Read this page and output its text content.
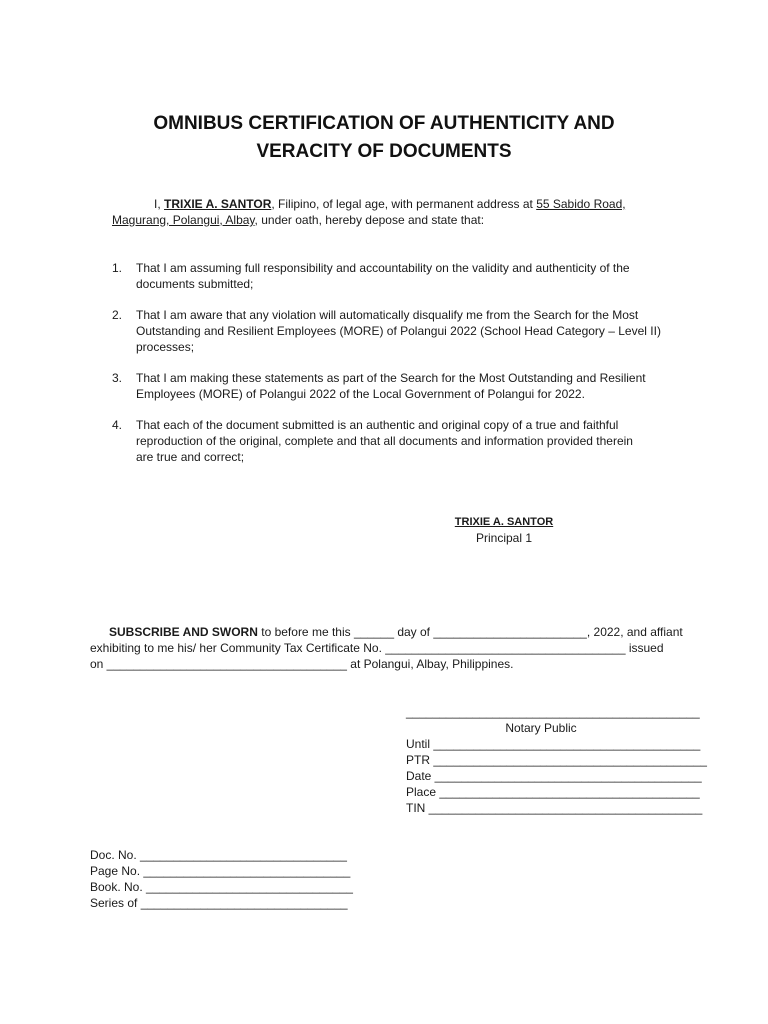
OMNIBUS CERTIFICATION OF AUTHENTICITY AND
VERACITY OF DOCUMENTS
I, TRIXIE A. SANTOR, Filipino, of legal age, with permanent address at 55 Sabido Road,
Magurang, Polangui, Albay, under oath, hereby depose and state that:
1.	That I am assuming full responsibility and accountability on the validity and authenticity of the
documents submitted;
2.	That I am aware that any violation will automatically disqualify me from the Search for the Most
Outstanding and Resilient Employees (MORE) of Polangui 2022 (School Head Category – Level II)
processes;
3.	That I am making these statements as part of the Search for the Most Outstanding and Resilient
Employees (MORE) of Polangui 2022 of the Local Government of Polangui for 2022.
4.	That each of the document submitted is an authentic and original copy of a true and faithful
reproduction of the original, complete and that all documents and information provided therein
are true and correct;
TRIXIE A. SANTOR
Principal 1
SUBSCRIBE AND SWORN to before me this ______ day of _______________________, 2022, and affiant
exhibiting to me his/ her Community Tax Certificate No. ____________________________________ issued
on ____________________________________ at Polangui, Albay, Philippines.
____________________________________________
Notary Public
Until ________________________________________
PTR _________________________________________
Date ________________________________________
Place _______________________________________
TIN _________________________________________
Doc. No. _______________________________
Page No. _______________________________
Book. No. _______________________________
Series of _______________________________
